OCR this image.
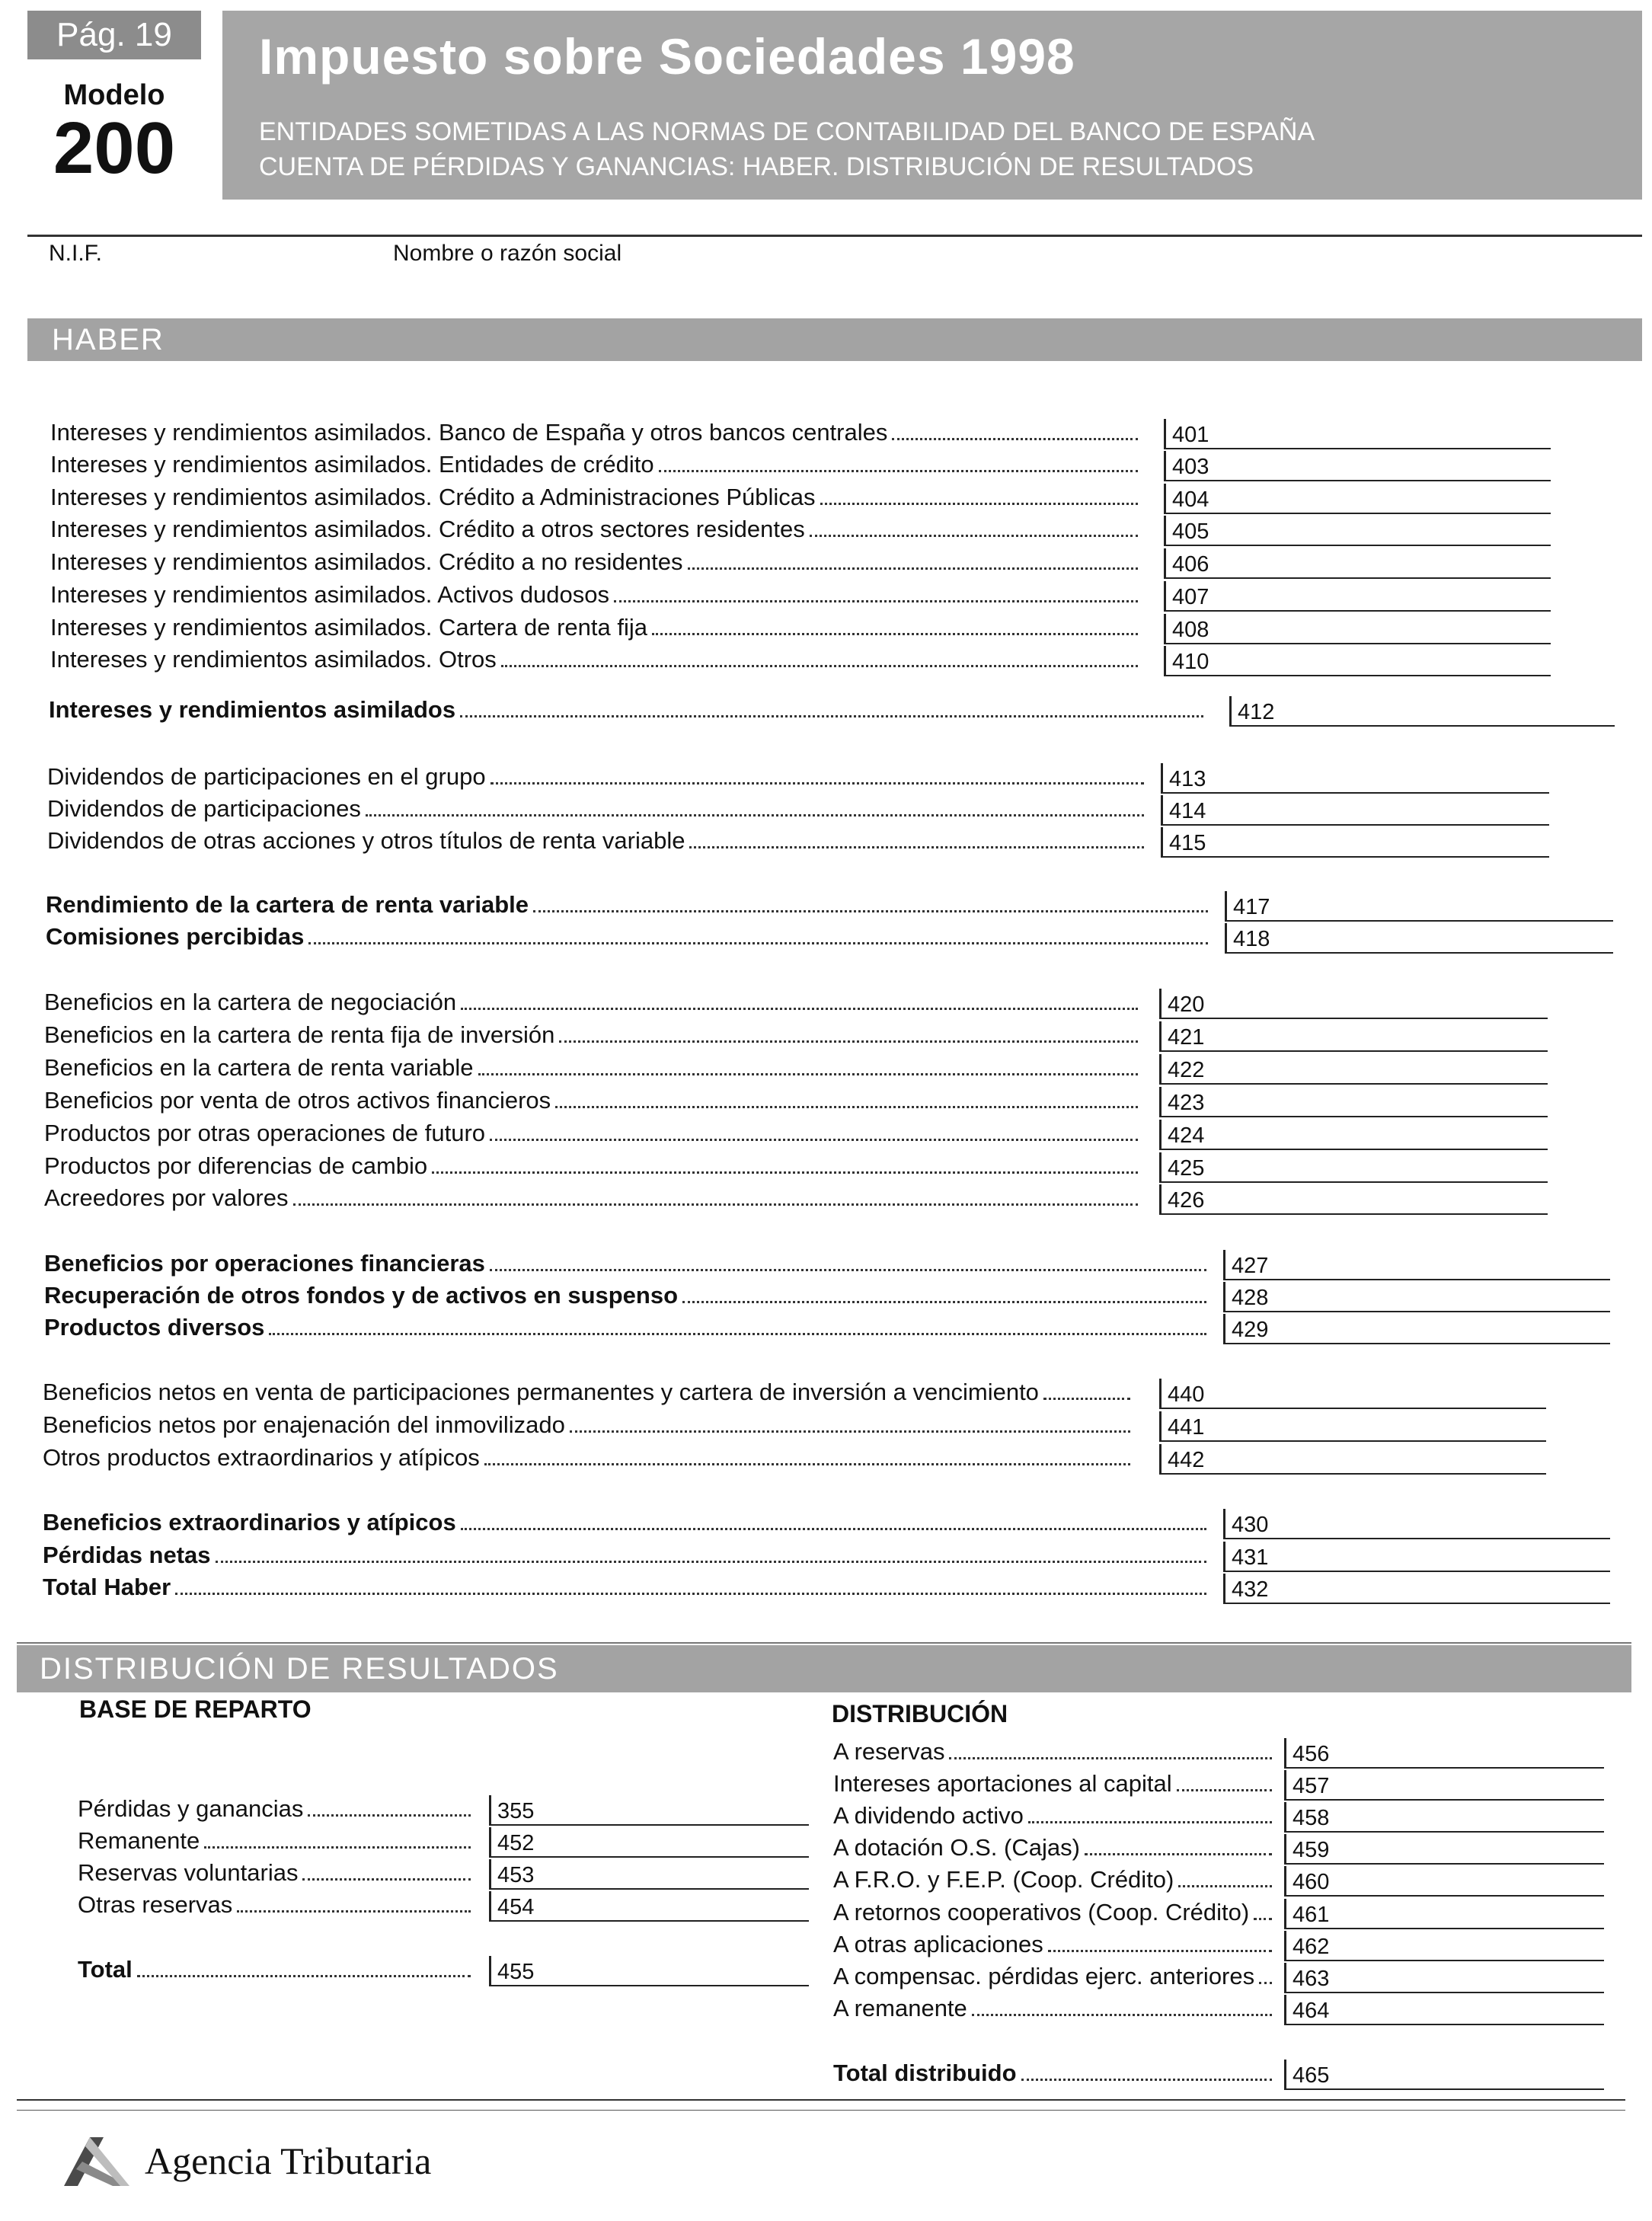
Pág. 19
Modelo
200
Impuesto sobre Sociedades 1998
ENTIDADES SOMETIDAS A LAS NORMAS DE CONTABILIDAD DEL BANCO DE ESPAÑA
CUENTA DE PÉRDIDAS Y GANANCIAS: HABER. DISTRIBUCIÓN DE RESULTADOS
N.I.F.	Nombre o razón social
HABER
Intereses y rendimientos asimilados. Banco de España y otros bancos centrales	401
Intereses y rendimientos asimilados. Entidades de crédito	403
Intereses y rendimientos asimilados. Crédito a Administraciones Públicas	404
Intereses y rendimientos asimilados. Crédito a otros sectores residentes	405
Intereses y rendimientos asimilados. Crédito a no residentes	406
Intereses y rendimientos asimilados. Activos dudosos	407
Intereses y rendimientos asimilados. Cartera de renta fija	408
Intereses y rendimientos asimilados. Otros	410
Intereses y rendimientos asimilados	412
Dividendos de participaciones en el grupo	413
Dividendos de participaciones	414
Dividendos de otras acciones y otros títulos de renta variable	415
Rendimiento de la cartera de renta variable	417
Comisiones percibidas	418
Beneficios en la cartera de negociación	420
Beneficios en la cartera de renta fija de inversión	421
Beneficios en la cartera de renta variable	422
Beneficios por venta de otros activos financieros	423
Productos por otras operaciones de futuro	424
Productos por diferencias de cambio	425
Acreedores por valores	426
Beneficios por operaciones financieras	427
Recuperación de otros fondos y de activos en suspenso	428
Productos diversos	429
Beneficios netos en venta de participaciones permanentes y cartera de inversión a vencimiento	440
Beneficios netos por enajenación del inmovilizado	441
Otros productos extraordinarios y atípicos	442
Beneficios extraordinarios y atípicos	430
Pérdidas netas	431
Total Haber	432
DISTRIBUCIÓN DE RESULTADOS
BASE DE REPARTO	DISTRIBUCIÓN
Pérdidas y ganancias	355
Remanente	452
Reservas voluntarias	453
Otras reservas	454
Total	455
A reservas	456
Intereses aportaciones al capital	457
A dividendo activo	458
A dotación O.S. (Cajas)	459
A F.R.O. y F.E.P. (Coop. Crédito)	460
A retornos cooperativos (Coop. Crédito)	461
A otras aplicaciones	462
A compensac. pérdidas ejerc. anteriores	463
A remanente	464
Total distribuido	465
Agencia Tributaria
